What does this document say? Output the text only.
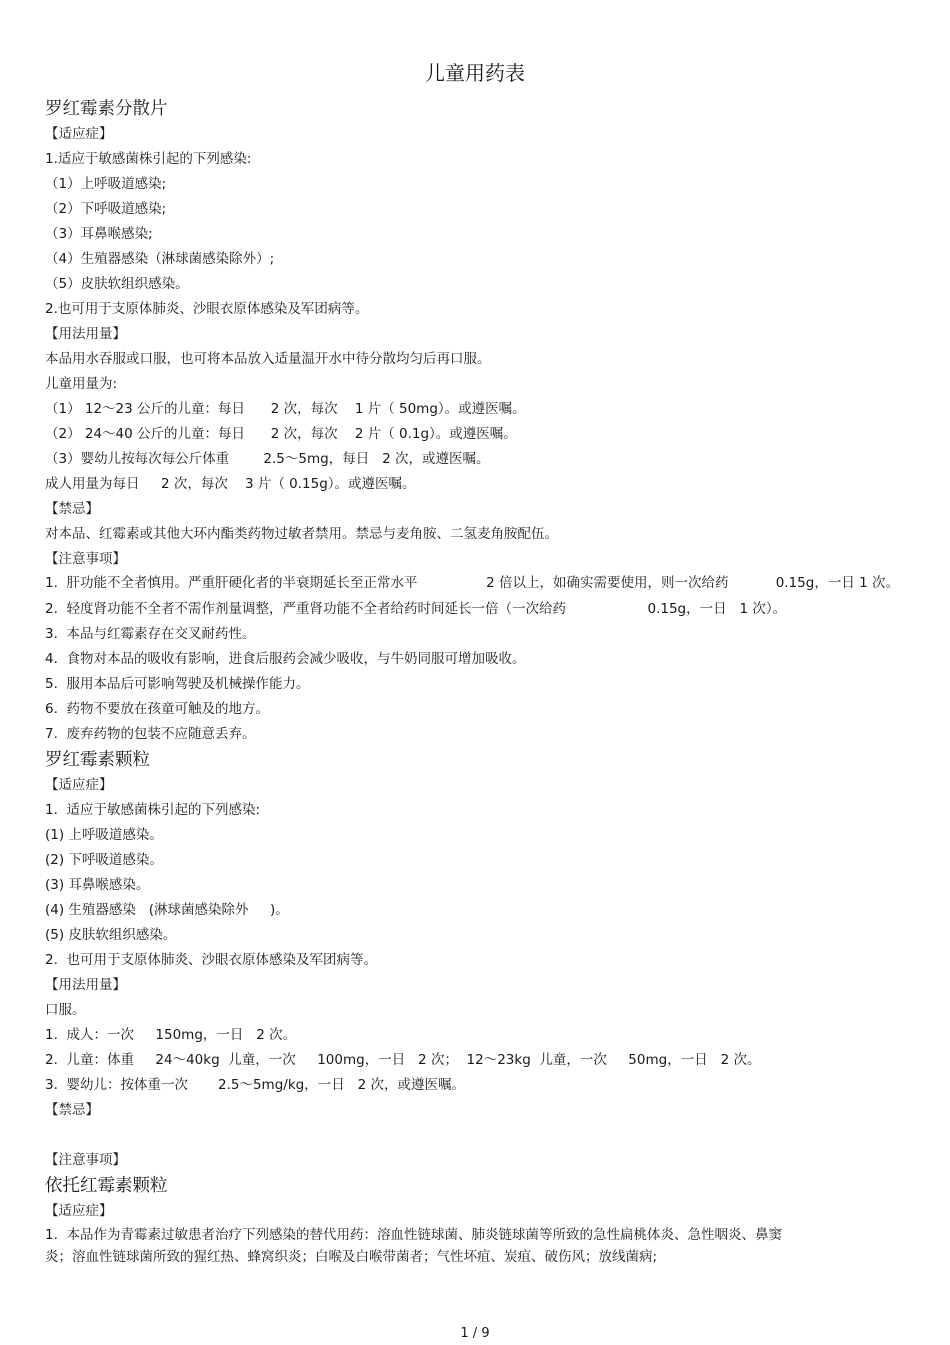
儿童用药表
罗红霉素分散片
【适应症】
1.适应于敏感菌株引起的下列感染:
（1）上呼吸道感染;
（2）下呼吸道感染;
（3）耳鼻喉感染;
（4）生殖器感染（淋球菌感染除外）;
（5）皮肤软组织感染。
2.也可用于支原体肺炎、沙眼衣原体感染及军团病等。
【用法用量】
本品用水吞服或口服，也可将本品放入适量温开水中待分散均匀后再口服。
儿童用量为:
（1） 12～23 公斤的儿童：每日      2 次，每次    1 片（ 50mg）。或遵医嘱。
（2） 24～40 公斤的儿童：每日      2 次，每次    2 片（ 0.1g）。或遵医嘱。
（3）婴幼儿按每次每公斤体重        2.5～5mg，每日   2 次，或遵医嘱。
成人用量为每日     2 次，每次    3 片（ 0.15g）。或遵医嘱。
【禁忌】
对本品、红霉素或其他大环内酯类药物过敏者禁用。禁忌与麦角胺、二氢麦角胺配伍。
【注意事项】
1.  肝功能不全者慎用。严重肝硬化者的半衰期延长至正常水平                2 倍以上，如确实需要使用，则一次给药           0.15g，一日 1 次。
2.  轻度肾功能不全者不需作剂量调整，严重肾功能不全者给药时间延长一倍（一次给药                   0.15g，一日   1 次）。
3.  本品与红霉素存在交叉耐药性。
4.  食物对本品的吸收有影响，进食后服药会减少吸收，与牛奶同服可增加吸收。
5.  服用本品后可影响驾驶及机械操作能力。
6.  药物不要放在孩童可触及的地方。
7.  废弃药物的包装不应随意丢弃。
罗红霉素颗粒
【适应症】
1.  适应于敏感菌株引起的下列感染:
(1) 上呼吸道感染。
(2) 下呼吸道感染。
(3) 耳鼻喉感染。
(4) 生殖器感染   (淋球菌感染除外     )。
(5) 皮肤软组织感染。
2.  也可用于支原体肺炎、沙眼衣原体感染及军团病等。
【用法用量】
口服。
1.  成人：一次     150mg，一日   2 次。
2.  儿童：体重     24～40kg  儿童，一次     100mg，一日   2 次；  12～23kg  儿童，一次     50mg，一日   2 次。
3.  婴幼儿：按体重一次       2.5～5mg/kg，一日   2 次，或遵医嘱。
【禁忌】
【注意事项】
依托红霉素颗粒
【适应症】
1.  本品作为青霉素过敏患者治疗下列感染的替代用药：溶血性链球菌、肺炎链球菌等所致的急性扁桃体炎、急性咽炎、鼻窦炎；溶血性链球菌所致的猩红热、蜂窝织炎；白喉及白喉带菌者；气性坏疽、炭疽、破伤风；放线菌病;
1 / 9
